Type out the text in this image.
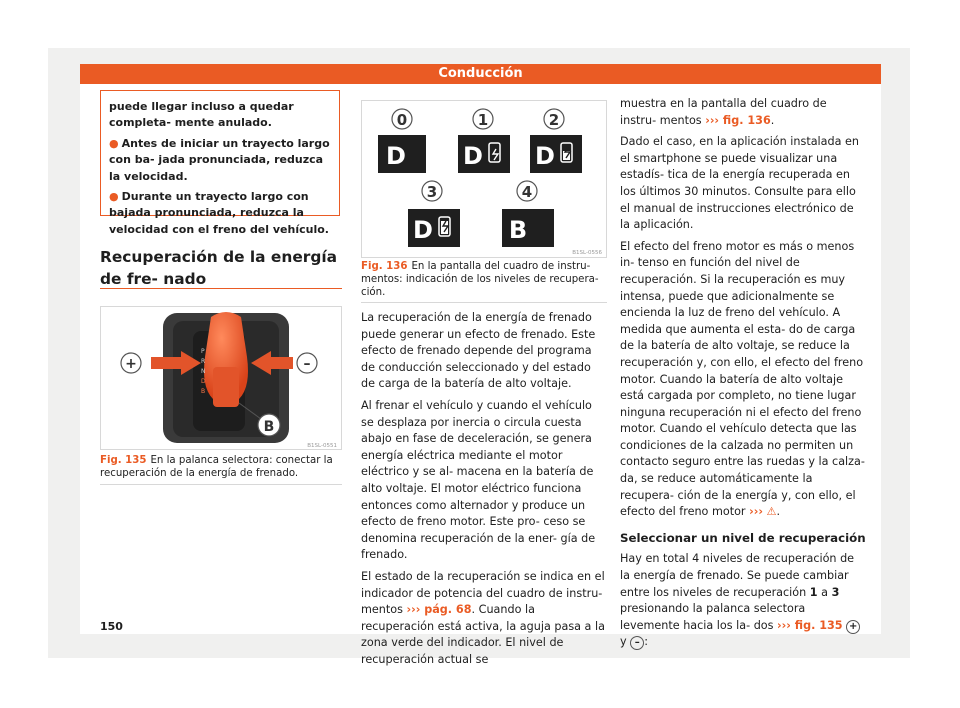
Conducción

puede llegar incluso a quedar completa- mente anulado.

● Antes de iniciar un trayecto largo con ba- jada pronunciada, reduzca la velocidad.

● Durante un trayecto largo con bajada pronunciada, reduzca la velocidad con el freno del vehículo.

Recuperación de la energía de fre- nado
P
R
N
D
B
+	–
B
B1SL-0551
Fig. 135 En la palanca selectora: conectar la recuperación de la energía de frenado.
0	1	2
3	4
D D D
D	B
B1SL-0556
Fig. 136 En la pantalla del cuadro de instru- mentos: indicación de los niveles de recupera- ción.

La recuperación de la energía de frenado puede generar un efecto de frenado. Este efecto de frenado depende del programa de conducción seleccionado y del estado de carga de la batería de alto voltaje.

Al frenar el vehículo y cuando el vehículo se desplaza por inercia o circula cuesta abajo en fase de deceleración, se genera energía eléctrica mediante el motor eléctrico y se al- macena en la batería de alto voltaje. El motor eléctrico funciona entonces como alternador y produce un efecto de freno motor. Este pro- ceso se denomina recuperación de la ener- gía de frenado.

El estado de la recuperación se indica en el indicador de potencia del cuadro de instru- mentos ››› pág. 68. Cuando la recuperación está activa, la aguja pasa a la zona verde del indicador. El nivel de recuperación actual se

muestra en la pantalla del cuadro de instru- mentos ››› fig. 136.

Dado el caso, en la aplicación instalada en el smartphone se puede visualizar una estadís- tica de la energía recuperada en los últimos 30 minutos. Consulte para ello el manual de instrucciones electrónico de la aplicación.

El efecto del freno motor es más o menos in- tenso en función del nivel de recuperación. Si la recuperación es muy intensa, puede que adicionalmente se encienda la luz de freno del vehículo. A medida que aumenta el esta- do de carga de la batería de alto voltaje, se reduce la recuperación y, con ello, el efecto del freno motor. Cuando la batería de alto voltaje está cargada por completo, no tiene lugar ninguna recuperación ni el efecto del freno motor. Cuando el vehículo detecta que las condiciones de la calzada no permiten un contacto seguro entre las ruedas y la calza- da, se reduce automáticamente la recupera- ción de la energía y, con ello, el efecto del freno motor ››› ⚠.

Seleccionar un nivel de recuperación

Hay en total 4 niveles de recuperación de la energía de frenado. Se puede cambiar entre los niveles de recuperación 1 a 3 presionando la palanca selectora levemente hacia los la- dos ››› fig. 135 + y – :

150
